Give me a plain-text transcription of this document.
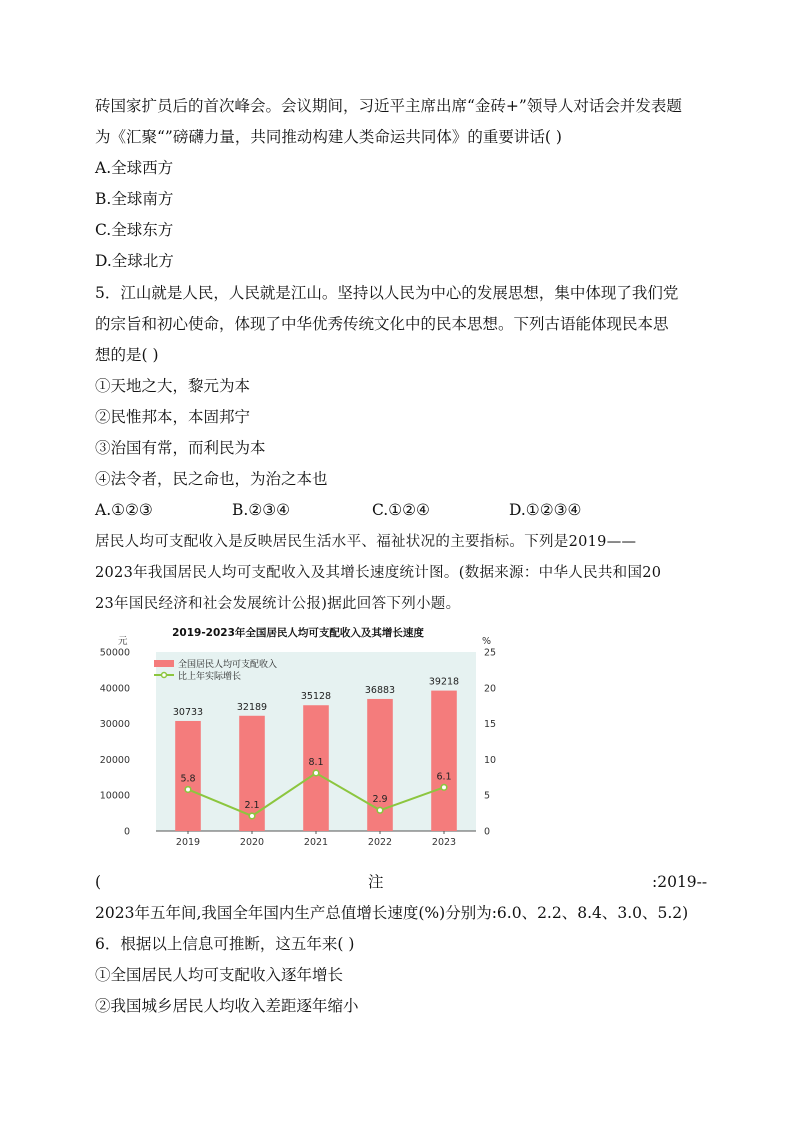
砖国家扩员后的首次峰会。会议期间，习近平主席出席“金砖+”领导人对话会并发表题
为《汇聚“”磅礴力量，共同推动构建人类命运共同体》的重要讲话( )
A.全球西方
B.全球南方
C.全球东方
D.全球北方
5．江山就是人民，人民就是江山。坚持以人民为中心的发展思想，集中体现了我们党
的宗旨和初心使命，体现了中华优秀传统文化中的民本思想。下列古语能体现民本思
想的是( )
①天地之大，黎元为本
②民惟邦本，本固邦宁
③治国有常，而利民为本
④法令者，民之命也，为治之本也
A.①②③	B.②③④	C.①②④	D.①②③④
居民人均可支配收入是反映居民生活水平、福祉状况的主要指标。下列是2019——
2023年我国居民人均可支配收入及其增长速度统计图。(数据来源：中华人民共和国20
23年国民经济和社会发展统计公报)据此回答下列小题。
2019-2023年全国居民人均可支配收入及其增长速度
元	%
0
10000
20000
30000
40000
50000
0
5
10
15
20
25
30733	32189
35128
36883
39218
2019	2020	2021	2022	2023
5.8
2.1
8.1
2.9
6.1
全国居民人均可支配收入
比上年实际增长
(	注	:2019--
2023年五年间,我国全年国内生产总值增长速度(%)分别为:6.0、2.2、8.4、3.0、5.2)
6．根据以上信息可推断，这五年来( )
①全国居民人均可支配收入逐年增长
②我国城乡居民人均收入差距逐年缩小
